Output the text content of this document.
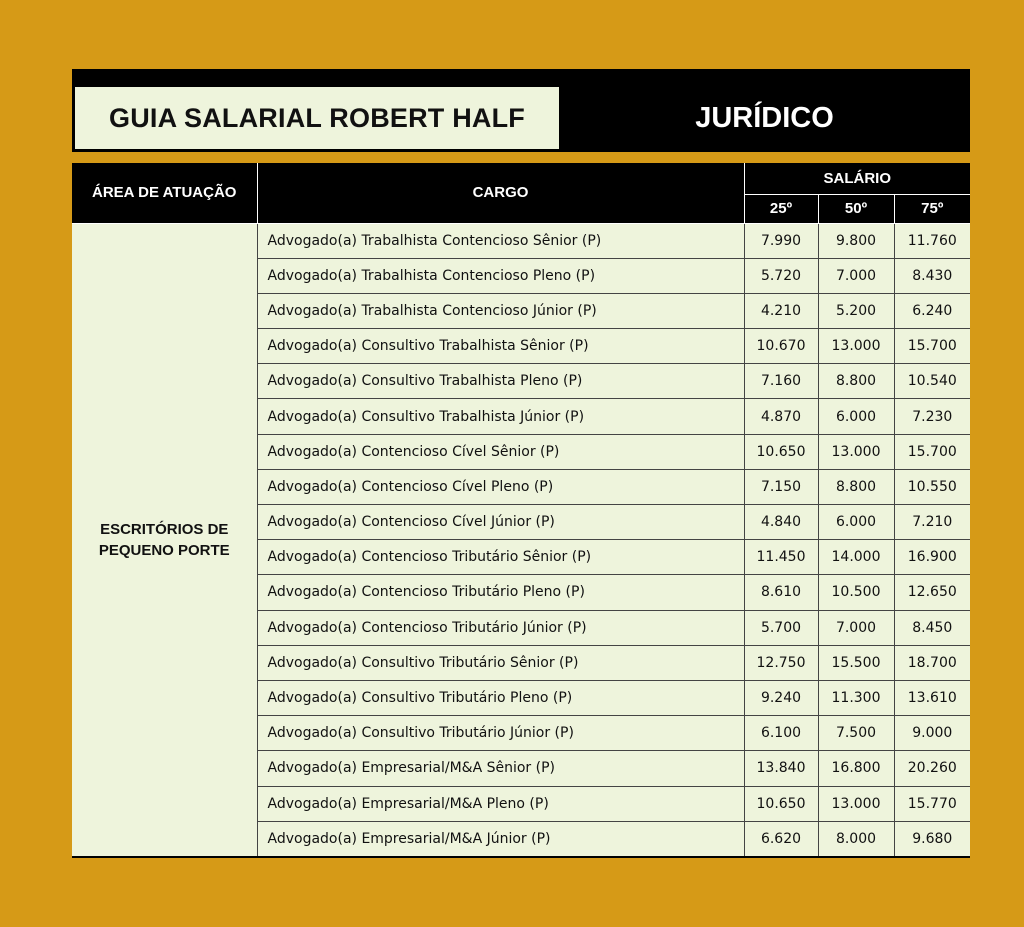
GUIA SALARIAL ROBERT HALF	JURÍDICO
ÁREA DE ATUAÇÃO	CARGO	SALÁRIO		
		25º	50º	75º

ESCRITÓRIOS DE
PEQUENO PORTE	Advogado(a) Trabalhista Contencioso Sênior (P)	7.990	9.800	11.760
	Advogado(a) Trabalhista Contencioso Pleno (P)	5.720	7.000	8.430
	Advogado(a) Trabalhista Contencioso Júnior (P)	4.210	5.200	6.240
	Advogado(a) Consultivo Trabalhista Sênior (P)	10.670	13.000	15.700
	Advogado(a) Consultivo Trabalhista Pleno (P)	7.160	8.800	10.540
	Advogado(a) Consultivo Trabalhista Júnior (P)	4.870	6.000	7.230
	Advogado(a) Contencioso Cível Sênior (P)	10.650	13.000	15.700
	Advogado(a) Contencioso Cível Pleno (P)	7.150	8.800	10.550
	Advogado(a) Contencioso Cível Júnior (P)	4.840	6.000	7.210
	Advogado(a) Contencioso Tributário Sênior (P)	11.450	14.000	16.900
	Advogado(a) Contencioso Tributário Pleno (P)	8.610	10.500	12.650
	Advogado(a) Contencioso Tributário Júnior (P)	5.700	7.000	8.450
	Advogado(a) Consultivo Tributário Sênior (P)	12.750	15.500	18.700
	Advogado(a) Consultivo Tributário Pleno (P)	9.240	11.300	13.610
	Advogado(a) Consultivo Tributário Júnior (P)	6.100	7.500	9.000
	Advogado(a) Empresarial/M&A Sênior (P)	13.840	16.800	20.260
	Advogado(a) Empresarial/M&A Pleno (P)	10.650	13.000	15.770
	Advogado(a) Empresarial/M&A Júnior (P)	6.620	8.000	9.680
